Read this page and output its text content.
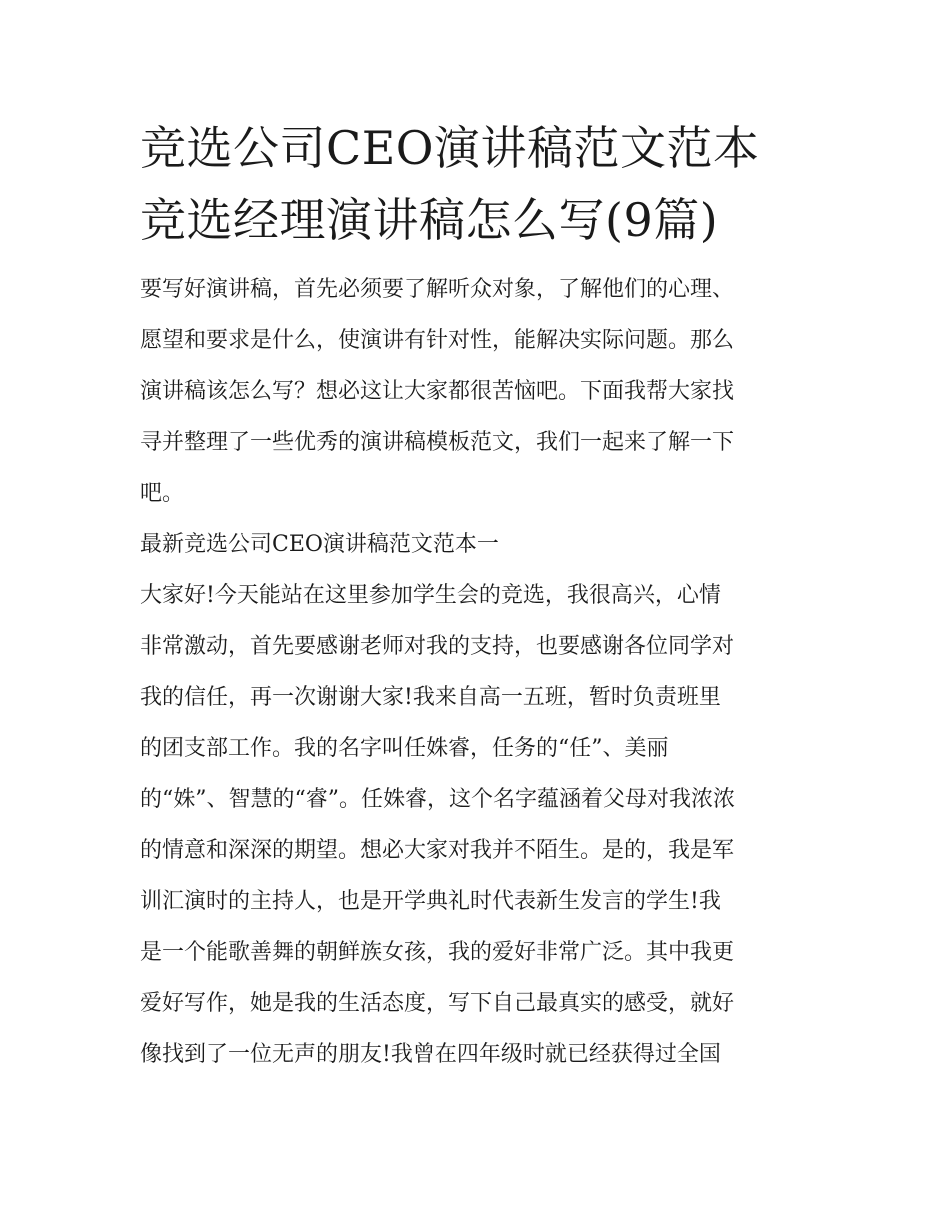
竞选公司CEO演讲稿范文范本
竞选经理演讲稿怎么写(9篇)
要写好演讲稿，首先必须要了解听众对象，了解他们的心理、
愿望和要求是什么，使演讲有针对性，能解决实际问题。那么
演讲稿该怎么写？想必这让大家都很苦恼吧。下面我帮大家找
寻并整理了一些优秀的演讲稿模板范文，我们一起来了解一下
吧。
最新竞选公司CEO演讲稿范文范本一
大家好!今天能站在这里参加学生会的竞选，我很高兴，心情
非常激动，首先要感谢老师对我的支持，也要感谢各位同学对
我的信任，再一次谢谢大家!我来自高一五班，暂时负责班里
的团支部工作。我的名字叫任姝睿，任务的“任”、美丽
的“姝”、智慧的“睿”。任姝睿，这个名字蕴涵着父母对我浓浓
的情意和深深的期望。想必大家对我并不陌生。是的，我是军
训汇演时的主持人，也是开学典礼时代表新生发言的学生!我
是一个能歌善舞的朝鲜族女孩，我的爱好非常广泛。其中我更
爱好写作，她是我的生活态度，写下自己最真实的感受，就好
像找到了一位无声的朋友!我曾在四年级时就已经获得过全国
